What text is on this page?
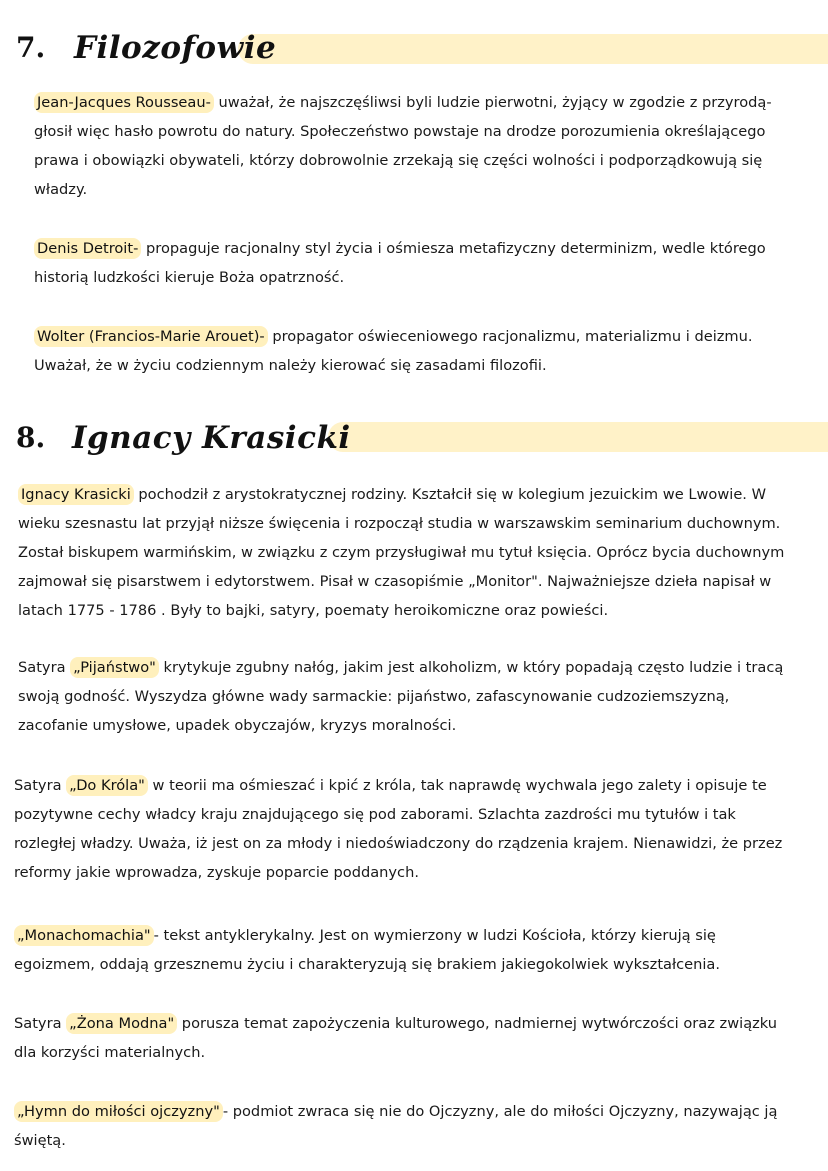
7. Filozofowie

Jean-Jacques Rousseau- uważał, że najszczęśliwsi byli ludzie pierwotni, żyjący w zgodzie z przyrodą- głosił więc hasło powrotu do natury. Społeczeństwo powstaje na drodze porozumienia określającego prawa i obowiązki obywateli, którzy dobrowolnie zrzekają się części wolności i podporządkowują się władzy.

Denis Detroit- propaguje racjonalny styl życia i ośmiesza metafizyczny determinizm, wedle którego historią ludzkości kieruje Boża opatrzność.

Wolter (Francios-Marie Arouet)- propagator oświeceniowego racjonalizmu, materializmu i deizmu. Uważał, że w życiu codziennym należy kierować się zasadami filozofii.

8. Ignacy Krasicki

Ignacy Krasicki pochodził z arystokratycznej rodziny. Kształcił się w kolegium jezuickim we Lwowie. W wieku szesnastu lat przyjął niższe święcenia i rozpoczął studia w warszawskim seminarium duchownym. Został biskupem warmińskim, w związku z czym przysługiwał mu tytuł księcia. Oprócz bycia duchownym zajmował się pisarstwem i edytorstwem. Pisał w czasopiśmie „Monitor". Najważniejsze dzieła napisał w latach 1775 - 1786 . Były to bajki, satyry, poematy heroikomiczne oraz powieści.

Satyra „Pijaństwo" krytykuje zgubny nałóg, jakim jest alkoholizm, w który popadają często ludzie i tracą swoją godność. Wyszydza główne wady sarmackie: pijaństwo, zafascynowanie cudzoziemszyzną, zacofanie umysłowe, upadek obyczajów, kryzys moralności.

Satyra „Do Króla" w teorii ma ośmieszać i kpić z króla, tak naprawdę wychwala jego zalety i opisuje te pozytywne cechy władcy kraju znajdującego się pod zaborami. Szlachta zazdrości mu tytułów i tak rozległej władzy. Uważa, iż jest on za młody i niedoświadczony do rządzenia krajem. Nienawidzi, że przez reformy jakie wprowadza, zyskuje poparcie poddanych.

„Monachomachia" - tekst antyklerykalny. Jest on wymierzony w ludzi Kościoła, którzy kierują się egoizmem, oddają grzesznemu życiu i charakteryzują się brakiem jakiegokolwiek wykształcenia.

Satyra „Żona Modna" porusza temat zapożyczenia kulturowego, nadmiernej wytwórczości oraz związku dla korzyści materialnych.

„Hymn do miłości ojczyzny" - podmiot zwraca się nie do Ojczyzny, ale do miłości Ojczyzny, nazywając ją świętą.
